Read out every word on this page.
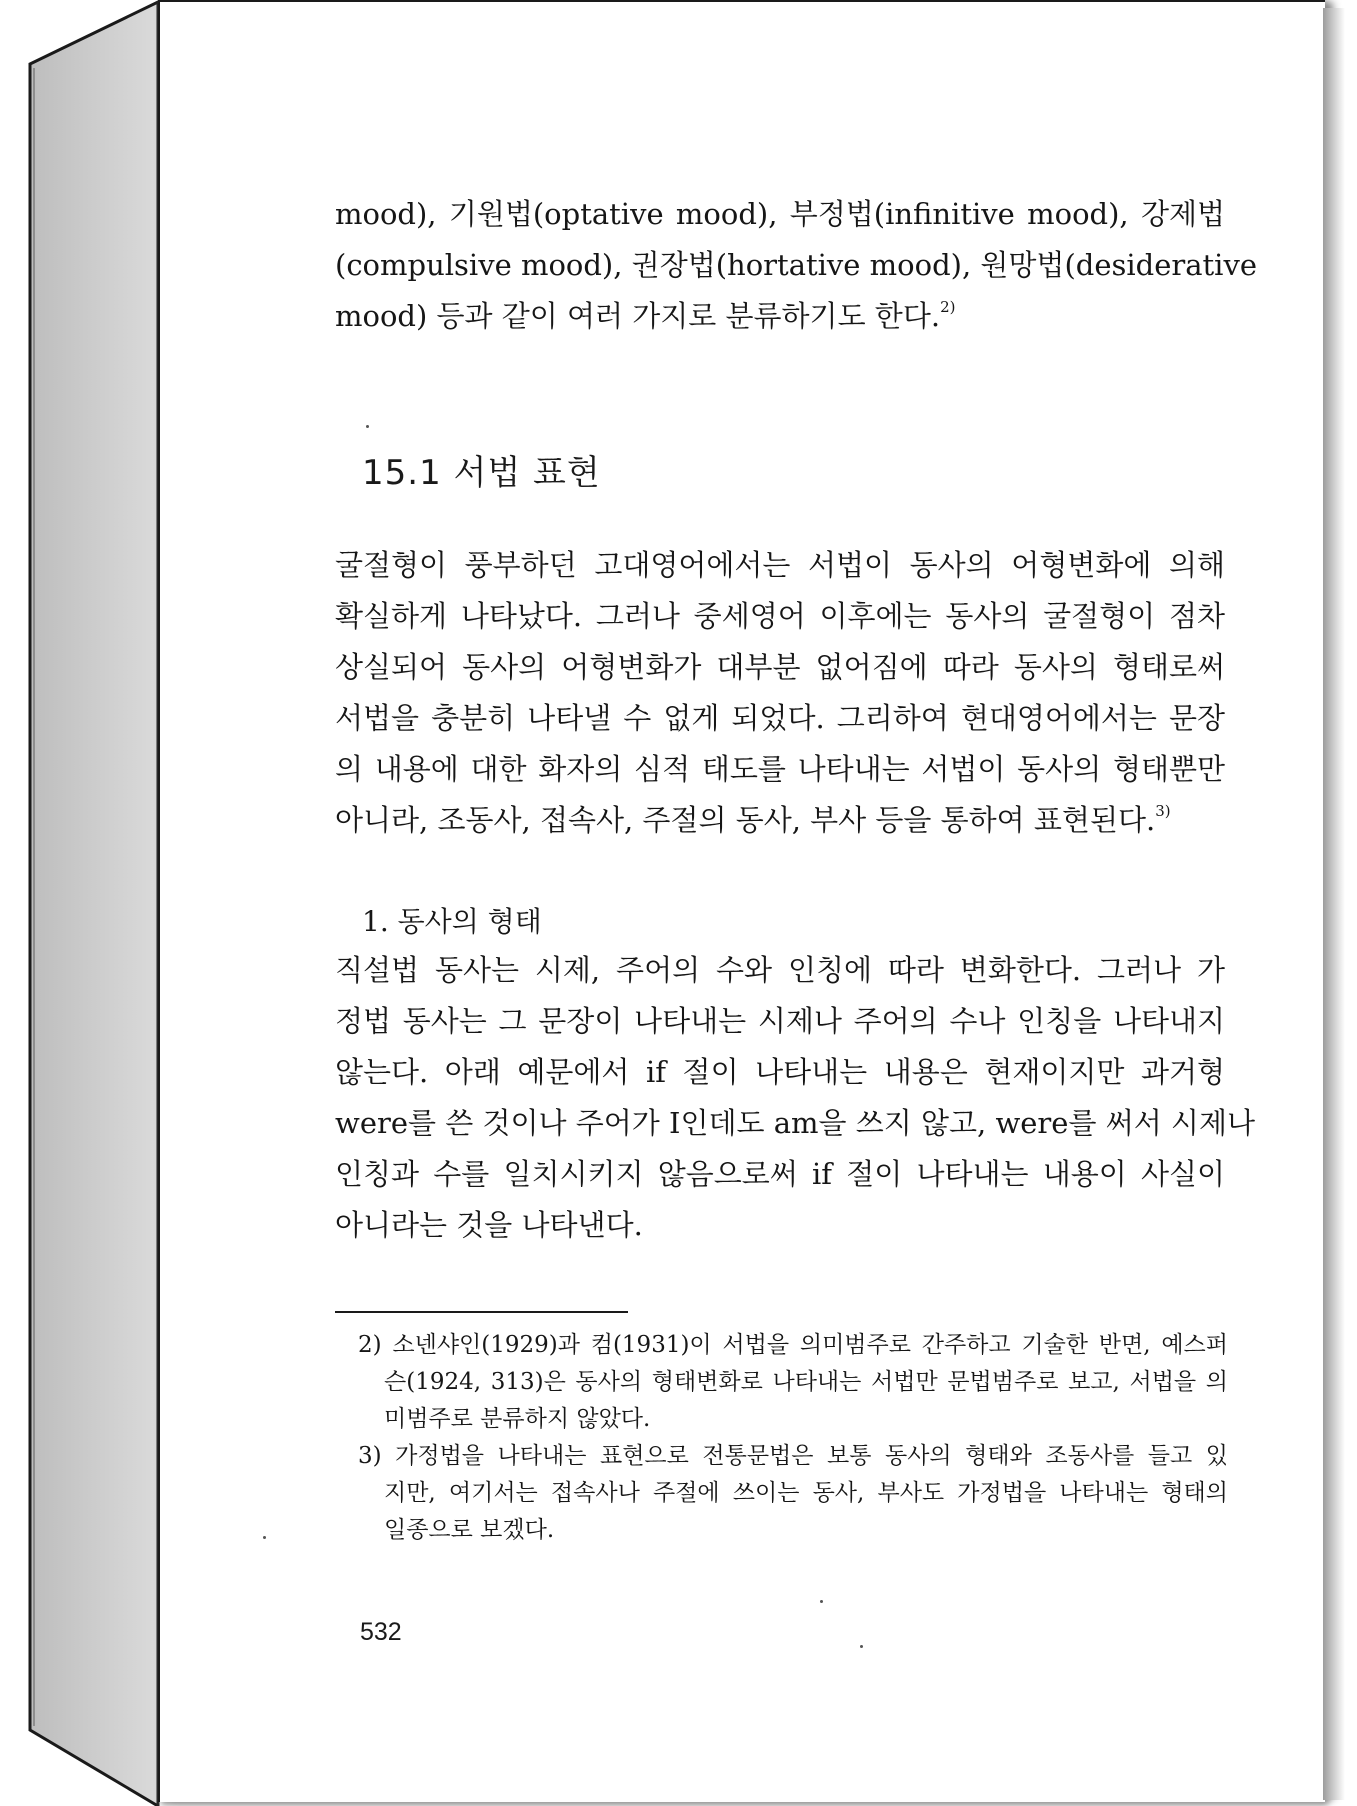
mood), 기원법(optative mood), 부정법(infinitive mood), 강제법
(compulsive mood), 권장법(hortative mood), 원망법(desiderative
mood) 등과 같이 여러 가지로 분류하기도 한다.$^{2)}$
15.1 서법 표현
굴절형이 풍부하던 고대영어에서는 서법이 동사의 어형변화에 의해
확실하게 나타났다. 그러나 중세영어 이후에는 동사의 굴절형이 점차
상실되어 동사의 어형변화가 대부분 없어짐에 따라 동사의 형태로써
서법을 충분히 나타낼 수 없게 되었다. 그리하여 현대영어에서는 문장
의 내용에 대한 화자의 심적 태도를 나타내는 서법이 동사의 형태뿐만
아니라, 조동사, 접속사, 주절의 동사, 부사 등을 통하여 표현된다.$^{3)}$
1. 동사의 형태
직설법 동사는 시제, 주어의 수와 인칭에 따라 변화한다. 그러나 가
정법 동사는 그 문장이 나타내는 시제나 주어의 수나 인칭을 나타내지
않는다. 아래 예문에서 if 절이 나타내는 내용은 현재이지만 과거형
were를 쓴 것이나 주어가 I인데도 am을 쓰지 않고, were를 써서 시제나
인칭과 수를 일치시키지 않음으로써 if 절이 나타내는 내용이 사실이
아니라는 것을 나타낸다.
2) 소넨샤인(1929)과 컴(1931)이 서법을 의미범주로 간주하고 기술한 반면, 예스퍼
슨(1924, 313)은 동사의 형태변화로 나타내는 서법만 문법범주로 보고, 서법을 의
미범주로 분류하지 않았다.
3) 가정법을 나타내는 표현으로 전통문법은 보통 동사의 형태와 조동사를 들고 있
지만, 여기서는 접속사나 주절에 쓰이는 동사, 부사도 가정법을 나타내는 형태의
일종으로 보겠다.
532
